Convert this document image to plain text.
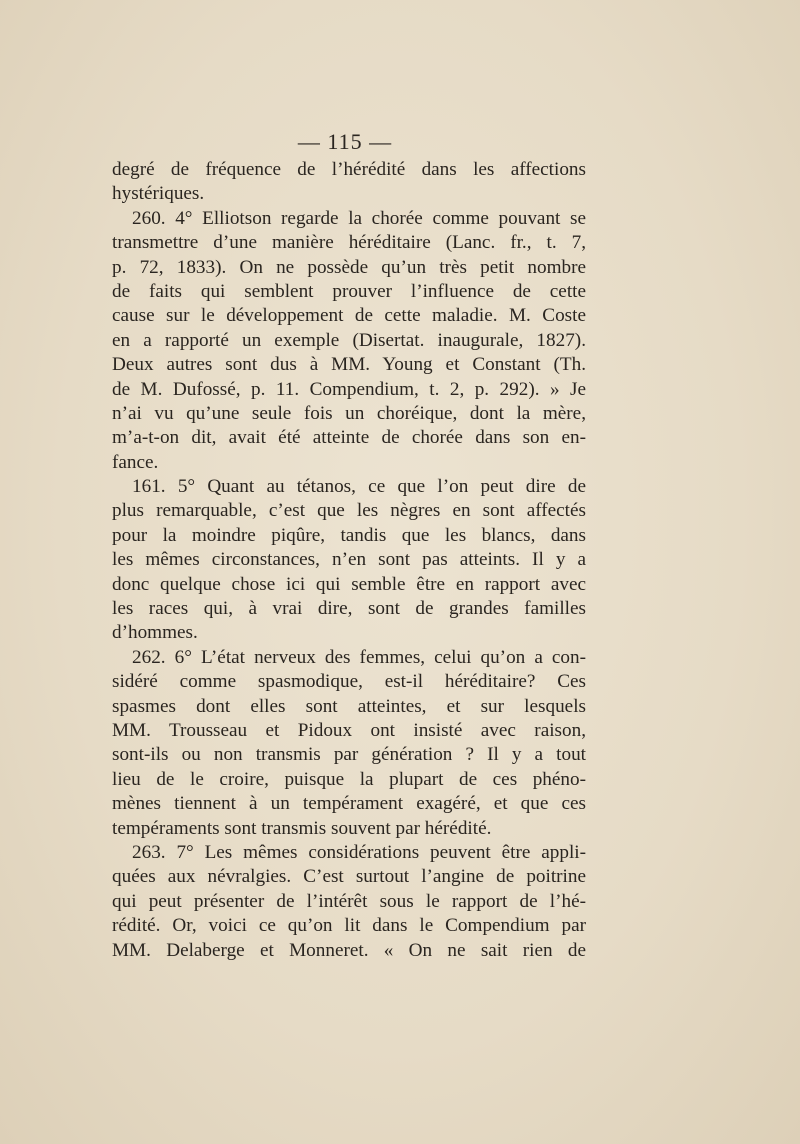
— 115 —
degré de fréquence de l’hérédité dans les affections
hystériques.
260. 4° Elliotson regarde la chorée comme pouvant se
transmettre d’une manière héréditaire (Lanc. fr., t. 7,
p. 72, 1833). On ne possède qu’un très petit nombre
de faits qui semblent prouver l’influence de cette
cause sur le développement de cette maladie. M. Coste
en a rapporté un exemple (Disertat. inaugurale, 1827).
Deux autres sont dus à MM. Young et Constant (Th.
de M. Dufossé, p. 11. Compendium, t. 2, p. 292). » Je
n’ai vu qu’une seule fois un choréique, dont la mère,
m’a-t-on dit, avait été atteinte de chorée dans son en-
fance.
161. 5° Quant au tétanos, ce que l’on peut dire de
plus remarquable, c’est que les nègres en sont affectés
pour la moindre piqûre, tandis que les blancs, dans
les mêmes circonstances, n’en sont pas atteints. Il y a
donc quelque chose ici qui semble être en rapport avec
les races qui, à vrai dire, sont de grandes familles
d’hommes.
262. 6° L’état nerveux des femmes, celui qu’on a con-
sidéré comme spasmodique, est-il héréditaire? Ces
spasmes dont elles sont atteintes, et sur lesquels
MM. Trousseau et Pidoux ont insisté avec raison,
sont-ils ou non transmis par génération ? Il y a tout
lieu de le croire, puisque la plupart de ces phéno-
mènes tiennent à un tempérament exagéré, et que ces
tempéraments sont transmis souvent par hérédité.
263. 7° Les mêmes considérations peuvent être appli-
quées aux névralgies. C’est surtout l’angine de poitrine
qui peut présenter de l’intérêt sous le rapport de l’hé-
rédité. Or, voici ce qu’on lit dans le Compendium par
MM. Delaberge et Monneret. « On ne sait rien de
